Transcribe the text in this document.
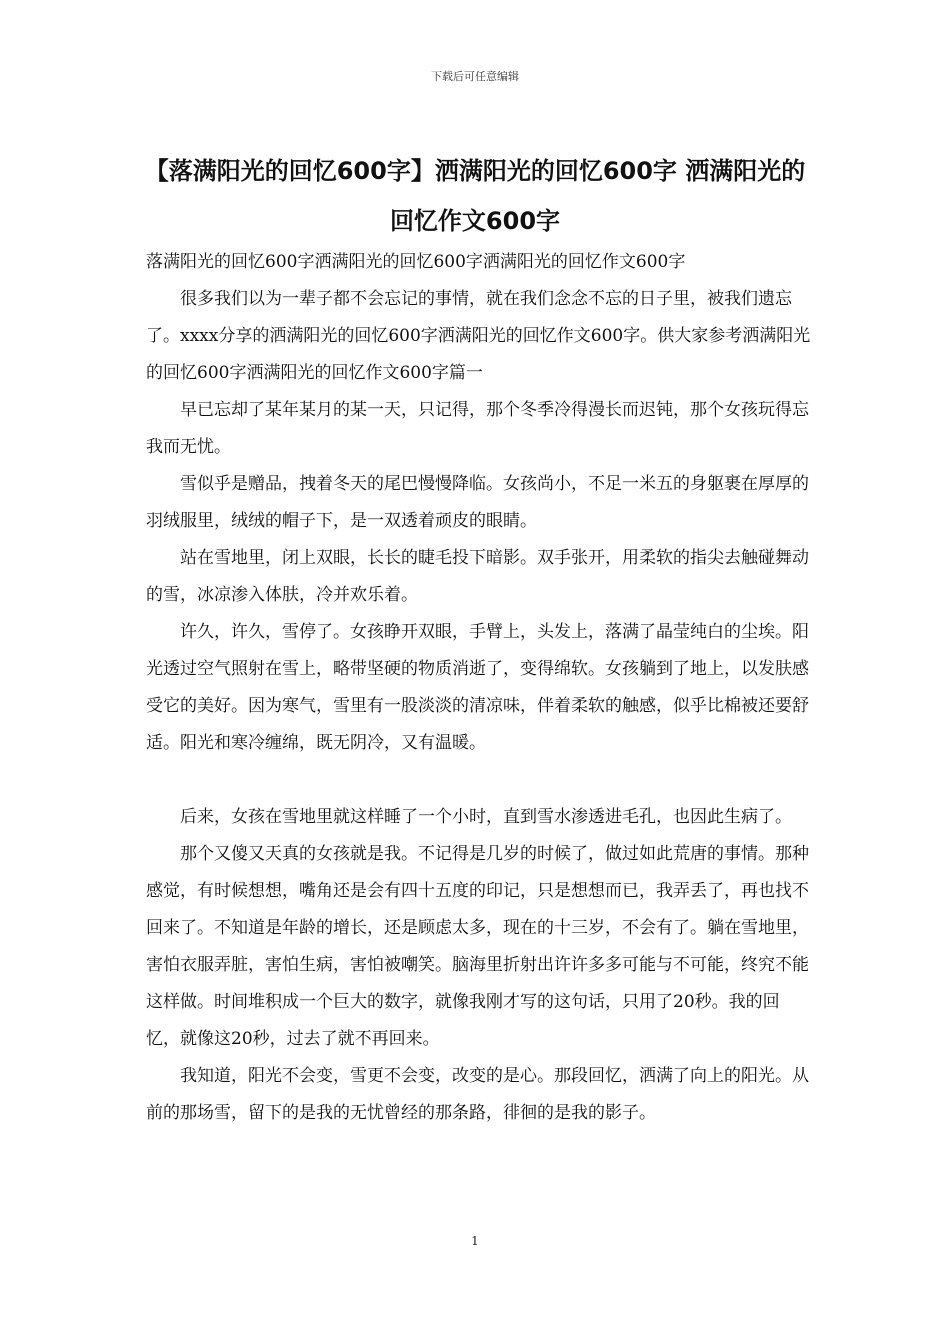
下载后可任意编辑
【落满阳光的回忆600字】洒满阳光的回忆600字 洒满阳光的回忆作文600字

落满阳光的回忆600字洒满阳光的回忆600字洒满阳光的回忆作文600字

很多我们以为一辈子都不会忘记的事情，就在我们念念不忘的日子里，被我们遗忘了。xxxx分享的洒满阳光的回忆600字洒满阳光的回忆作文600字。供大家参考洒满阳光的回忆600字洒满阳光的回忆作文600字篇一

早已忘却了某年某月的某一天，只记得，那个冬季冷得漫长而迟钝，那个女孩玩得忘我而无忧。

雪似乎是赠品，拽着冬天的尾巴慢慢降临。女孩尚小，不足一米五的身躯裹在厚厚的羽绒服里，绒绒的帽子下，是一双透着顽皮的眼睛。

站在雪地里，闭上双眼，长长的睫毛投下暗影。双手张开，用柔软的指尖去触碰舞动的雪，冰凉渗入体肤，冷并欢乐着。

许久，许久，雪停了。女孩睁开双眼，手臂上，头发上，落满了晶莹纯白的尘埃。阳光透过空气照射在雪上，略带坚硬的物质消逝了，变得绵软。女孩躺到了地上，以发肤感受它的美好。因为寒气，雪里有一股淡淡的清凉味，伴着柔软的触感，似乎比棉被还要舒适。阳光和寒冷缠绵，既无阴冷，又有温暖。

后来，女孩在雪地里就这样睡了一个小时，直到雪水渗透进毛孔，也因此生病了。

那个又傻又天真的女孩就是我。不记得是几岁的时候了，做过如此荒唐的事情。那种感觉，有时候想想，嘴角还是会有四十五度的印记，只是想想而已，我弄丢了，再也找不回来了。不知道是年龄的增长，还是顾虑太多，现在的十三岁，不会有了。躺在雪地里，害怕衣服弄脏，害怕生病，害怕被嘲笑。脑海里折射出许许多多可能与不可能，终究不能这样做。时间堆积成一个巨大的数字，就像我刚才写的这句话，只用了20秒。我的回忆，就像这20秒，过去了就不再回来。

我知道，阳光不会变，雪更不会变，改变的是心。那段回忆，洒满了向上的阳光。从前的那场雪，留下的是我的无忧曾经的那条路，徘徊的是我的影子。

1
